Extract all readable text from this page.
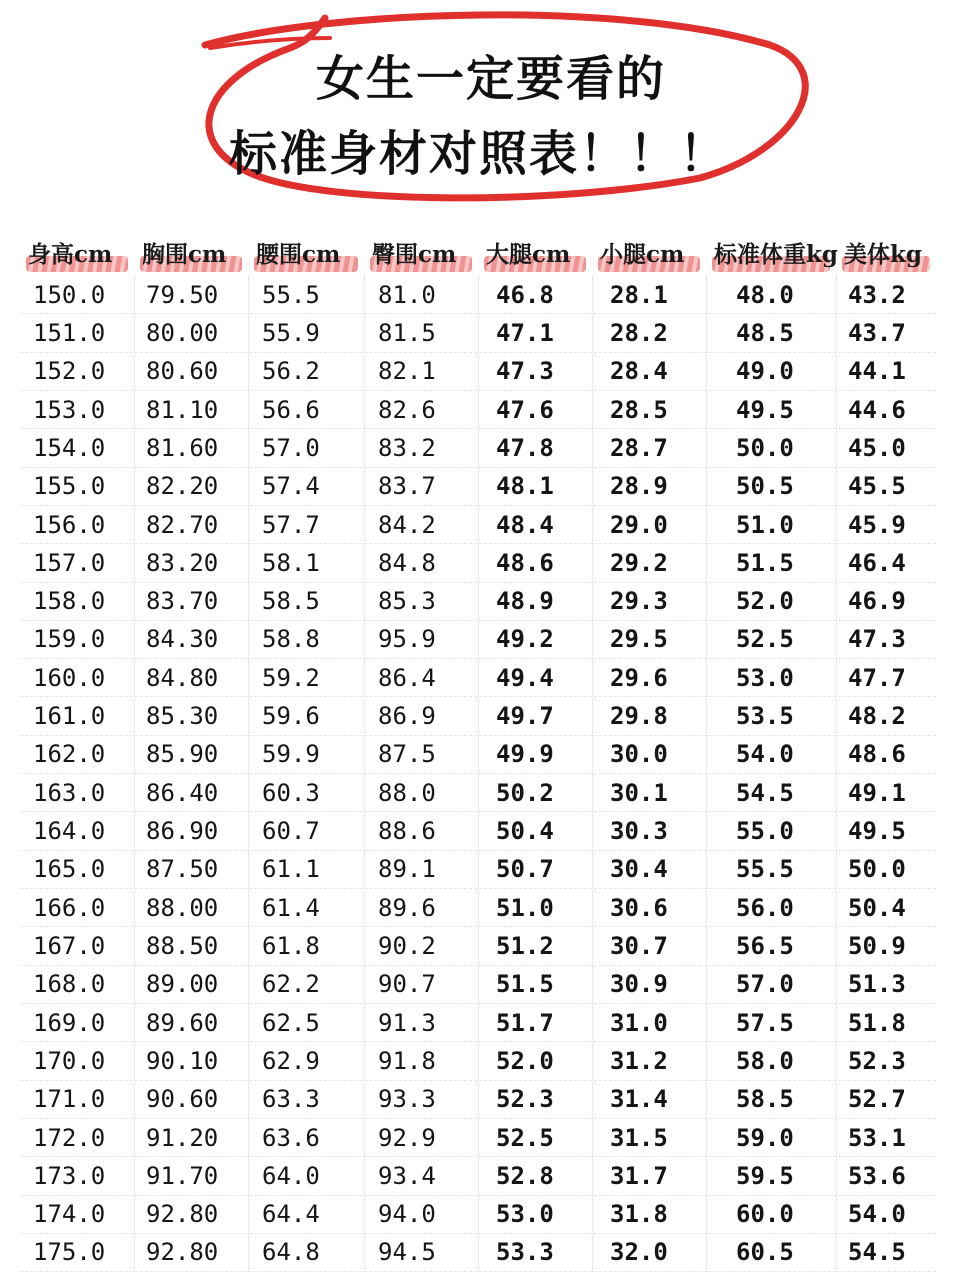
女生一定要看的
标准身材对照表！！！
身高cm	胸围cm	腰围cm	臀围cm	大腿cm	小腿cm	标准体重kg 美体kg
150.0	79.50	55.5	81.0	46.8	28.1	48.0	43.2
151.0	80.00	55.9	81.5	47.1	28.2	48.5	43.7
152.0	80.60	56.2	82.1	47.3	28.4	49.0	44.1
153.0	81.10	56.6	82.6	47.6	28.5	49.5	44.6
154.0	81.60	57.0	83.2	47.8	28.7	50.0	45.0
155.0	82.20	57.4	83.7	48.1	28.9	50.5	45.5
156.0	82.70	57.7	84.2	48.4	29.0	51.0	45.9
157.0	83.20	58.1	84.8	48.6	29.2	51.5	46.4
158.0	83.70	58.5	85.3	48.9	29.3	52.0	46.9
159.0	84.30	58.8	95.9	49.2	29.5	52.5	47.3
160.0	84.80	59.2	86.4	49.4	29.6	53.0	47.7
161.0	85.30	59.6	86.9	49.7	29.8	53.5	48.2
162.0	85.90	59.9	87.5	49.9	30.0	54.0	48.6
163.0	86.40	60.3	88.0	50.2	30.1	54.5	49.1
164.0	86.90	60.7	88.6	50.4	30.3	55.0	49.5
165.0	87.50	61.1	89.1	50.7	30.4	55.5	50.0
166.0	88.00	61.4	89.6	51.0	30.6	56.0	50.4
167.0	88.50	61.8	90.2	51.2	30.7	56.5	50.9
168.0	89.00	62.2	90.7	51.5	30.9	57.0	51.3
169.0	89.60	62.5	91.3	51.7	31.0	57.5	51.8
170.0	90.10	62.9	91.8	52.0	31.2	58.0	52.3
171.0	90.60	63.3	93.3	52.3	31.4	58.5	52.7
172.0	91.20	63.6	92.9	52.5	31.5	59.0	53.1
173.0	91.70	64.0	93.4	52.8	31.7	59.5	53.6
174.0	92.80	64.4	94.0	53.0	31.8	60.0	54.0
175.0	92.80	64.8	94.5	53.3	32.0	60.5	54.5
